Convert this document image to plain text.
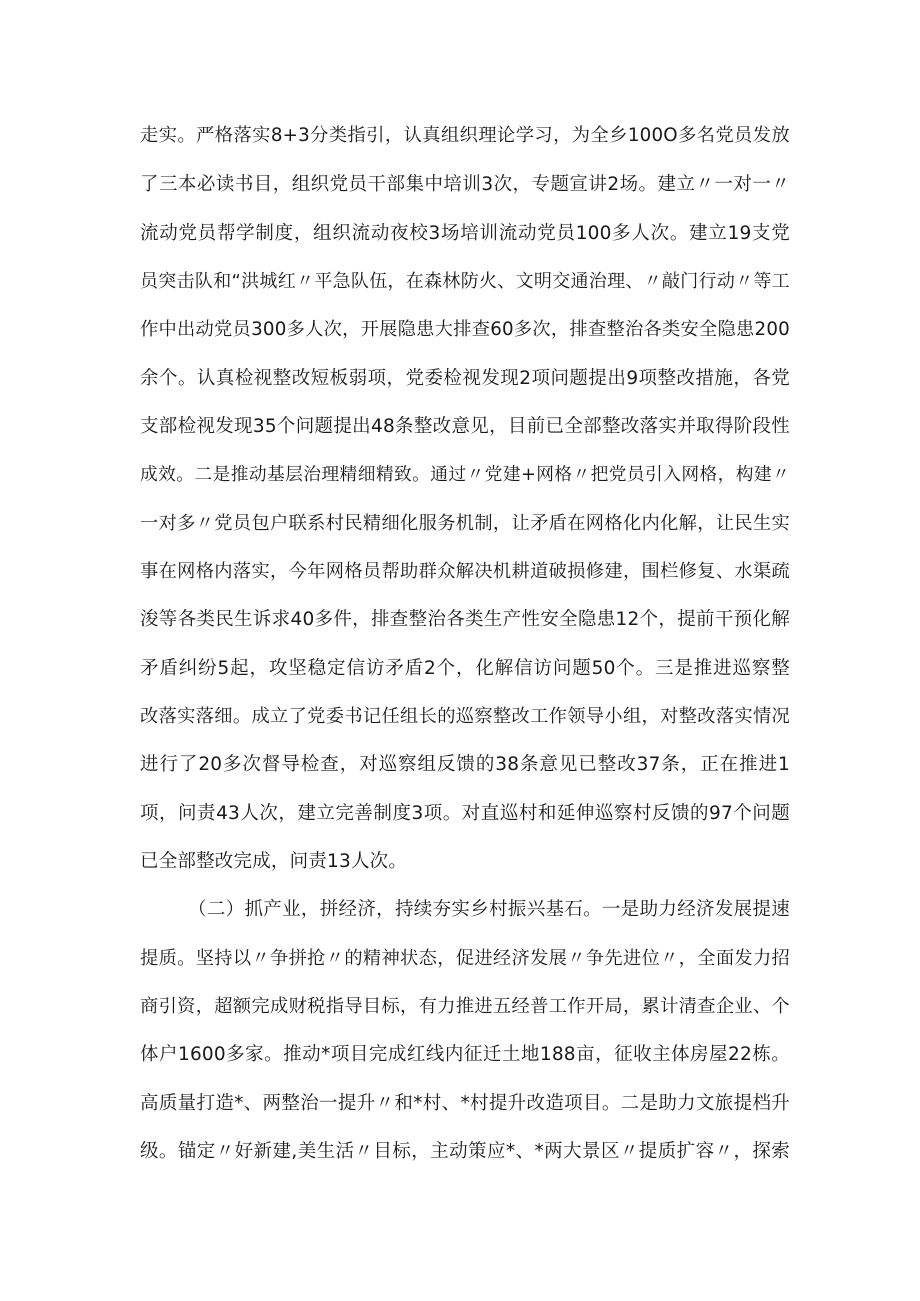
走实。严格落实8+3分类指引，认真组织理论学习，为全乡100O多名党员发放
了三本必读书目，组织党员干部集中培训3次，专题宣讲2场。建立〃一对一〃
流动党员帮学制度，组织流动夜校3场培训流动党员100多人次。建立19支党
员突击队和“洪城红〃平急队伍，在森林防火、文明交通治理、〃敲门行动〃等工
作中出动党员300多人次，开展隐患大排查60多次，排查整治各类安全隐患200
余个。认真检视整改短板弱项，党委检视发现2项问题提出9项整改措施，各党
支部检视发现35个问题提出48条整改意见，目前已全部整改落实并取得阶段性
成效。二是推动基层治理精细精致。通过〃党建+网格〃把党员引入网格，构建〃
一对多〃党员包户联系村民精细化服务机制，让矛盾在网格化内化解，让民生实
事在网格内落实，今年网格员帮助群众解决机耕道破损修建，围栏修复、水渠疏
浚等各类民生诉求40多件，排查整治各类生产性安全隐患12个，提前干预化解
矛盾纠纷5起，攻坚稳定信访矛盾2个，化解信访问题50个。三是推进巡察整
改落实落细。成立了党委书记任组长的巡察整改工作领导小组，对整改落实情况
进行了20多次督导检查，对巡察组反馈的38条意见已整改37条，正在推进1
项，问责43人次，建立完善制度3项。对直巡村和延伸巡察村反馈的97个问题
已全部整改完成，问责13人次。
（二）抓产业，拼经济，持续夯实乡村振兴基石。一是助力经济发展提速
提质。坚持以〃争拼抢〃的精神状态，促进经济发展〃争先进位〃，全面发力招
商引资，超额完成财税指导目标，有力推进五经普工作开局，累计清查企业、个
体户1600多家。推动*项目完成红线内征迁土地188亩，征收主体房屋22栋。
高质量打造*、两整治一提升〃和*村、*村提升改造项目。二是助力文旅提档升
级。锚定〃好新建,美生活〃目标，主动策应*、*两大景区〃提质扩容〃，探索
